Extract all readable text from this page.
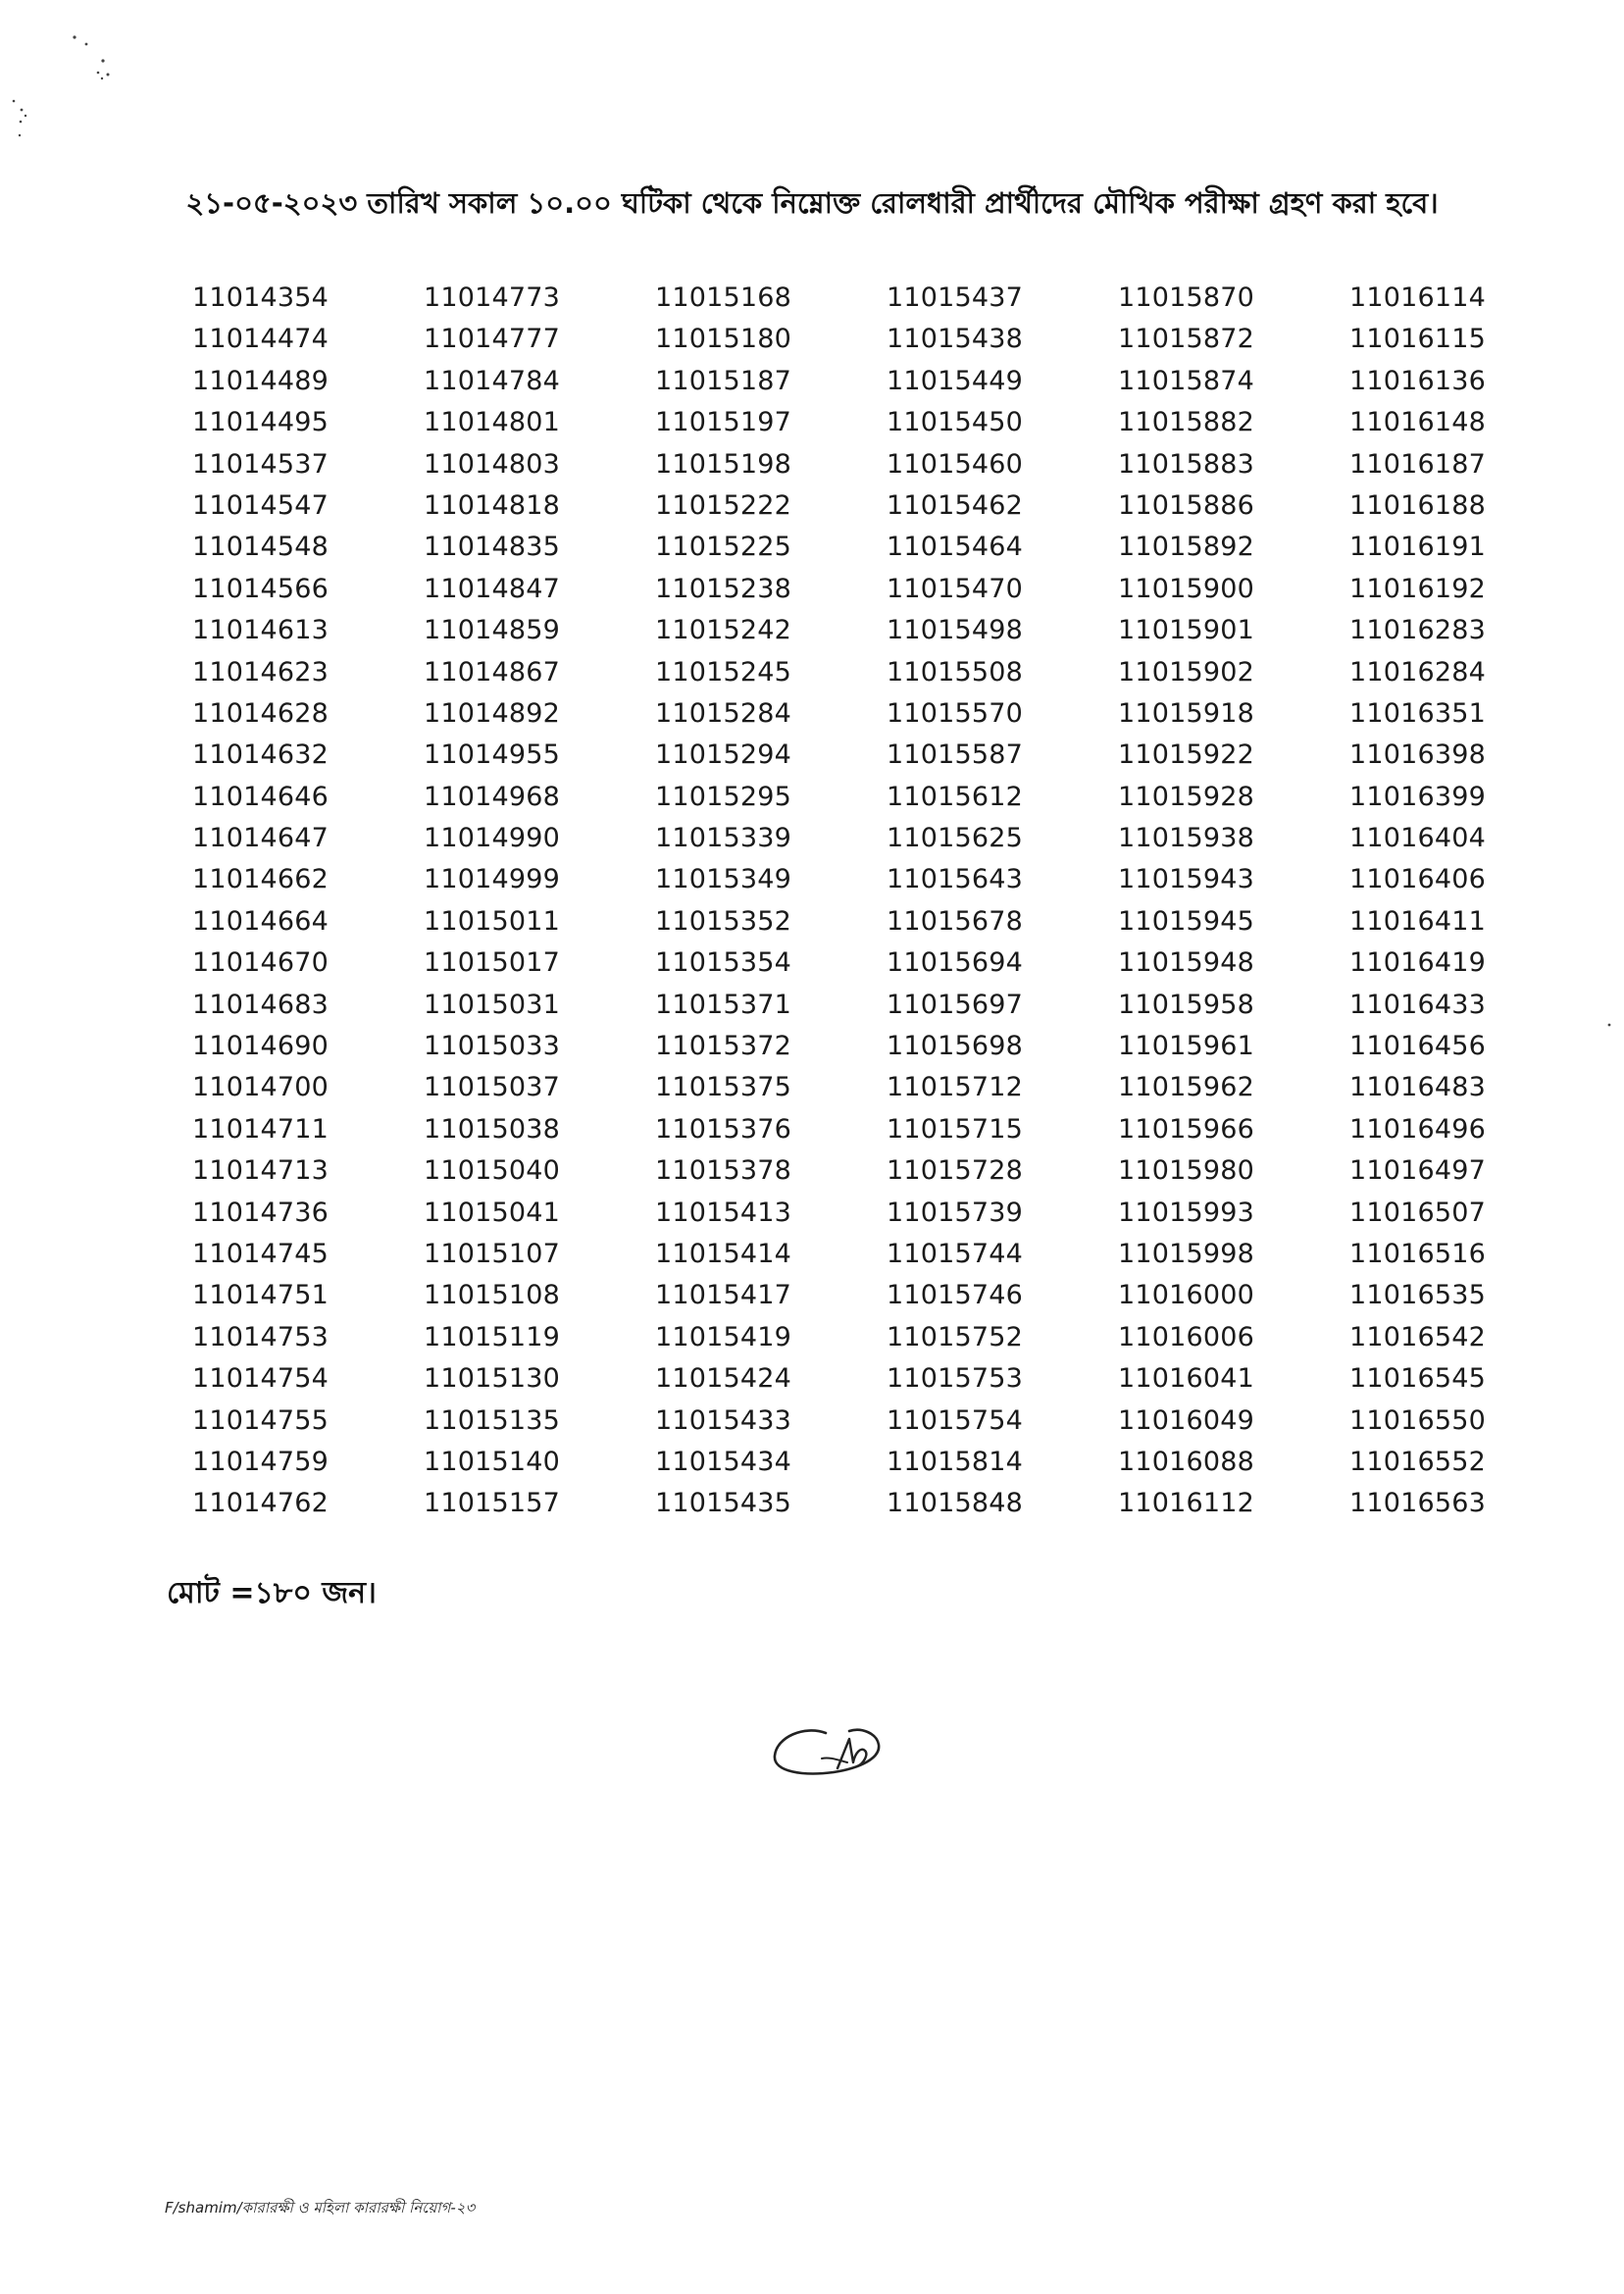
২১-০৫-২০২৩ তারিখ সকাল ১০.০০ ঘটিকা থেকে নিম্নোক্ত রোলধারী প্রার্থীদের মৌখিক পরীক্ষা গ্রহণ করা হবে।
11014354
11014474
11014489
11014495
11014537
11014547
11014548
11014566
11014613
11014623
11014628
11014632
11014646
11014647
11014662
11014664
11014670
11014683
11014690
11014700
11014711
11014713
11014736
11014745
11014751
11014753
11014754
11014755
11014759
11014762
11014773
11014777
11014784
11014801
11014803
11014818
11014835
11014847
11014859
11014867
11014892
11014955
11014968
11014990
11014999
11015011
11015017
11015031
11015033
11015037
11015038
11015040
11015041
11015107
11015108
11015119
11015130
11015135
11015140
11015157
11015168
11015180
11015187
11015197
11015198
11015222
11015225
11015238
11015242
11015245
11015284
11015294
11015295
11015339
11015349
11015352
11015354
11015371
11015372
11015375
11015376
11015378
11015413
11015414
11015417
11015419
11015424
11015433
11015434
11015435
11015437
11015438
11015449
11015450
11015460
11015462
11015464
11015470
11015498
11015508
11015570
11015587
11015612
11015625
11015643
11015678
11015694
11015697
11015698
11015712
11015715
11015728
11015739
11015744
11015746
11015752
11015753
11015754
11015814
11015848
11015870
11015872
11015874
11015882
11015883
11015886
11015892
11015900
11015901
11015902
11015918
11015922
11015928
11015938
11015943
11015945
11015948
11015958
11015961
11015962
11015966
11015980
11015993
11015998
11016000
11016006
11016041
11016049
11016088
11016112
11016114
11016115
11016136
11016148
11016187
11016188
11016191
11016192
11016283
11016284
11016351
11016398
11016399
11016404
11016406
11016411
11016419
11016433
11016456
11016483
11016496
11016497
11016507
11016516
11016535
11016542
11016545
11016550
11016552
11016563
মোট =১৮০ জন।
F/shamim/কারারক্ষী ও মহিলা কারারক্ষী নিয়োগ-২৩
